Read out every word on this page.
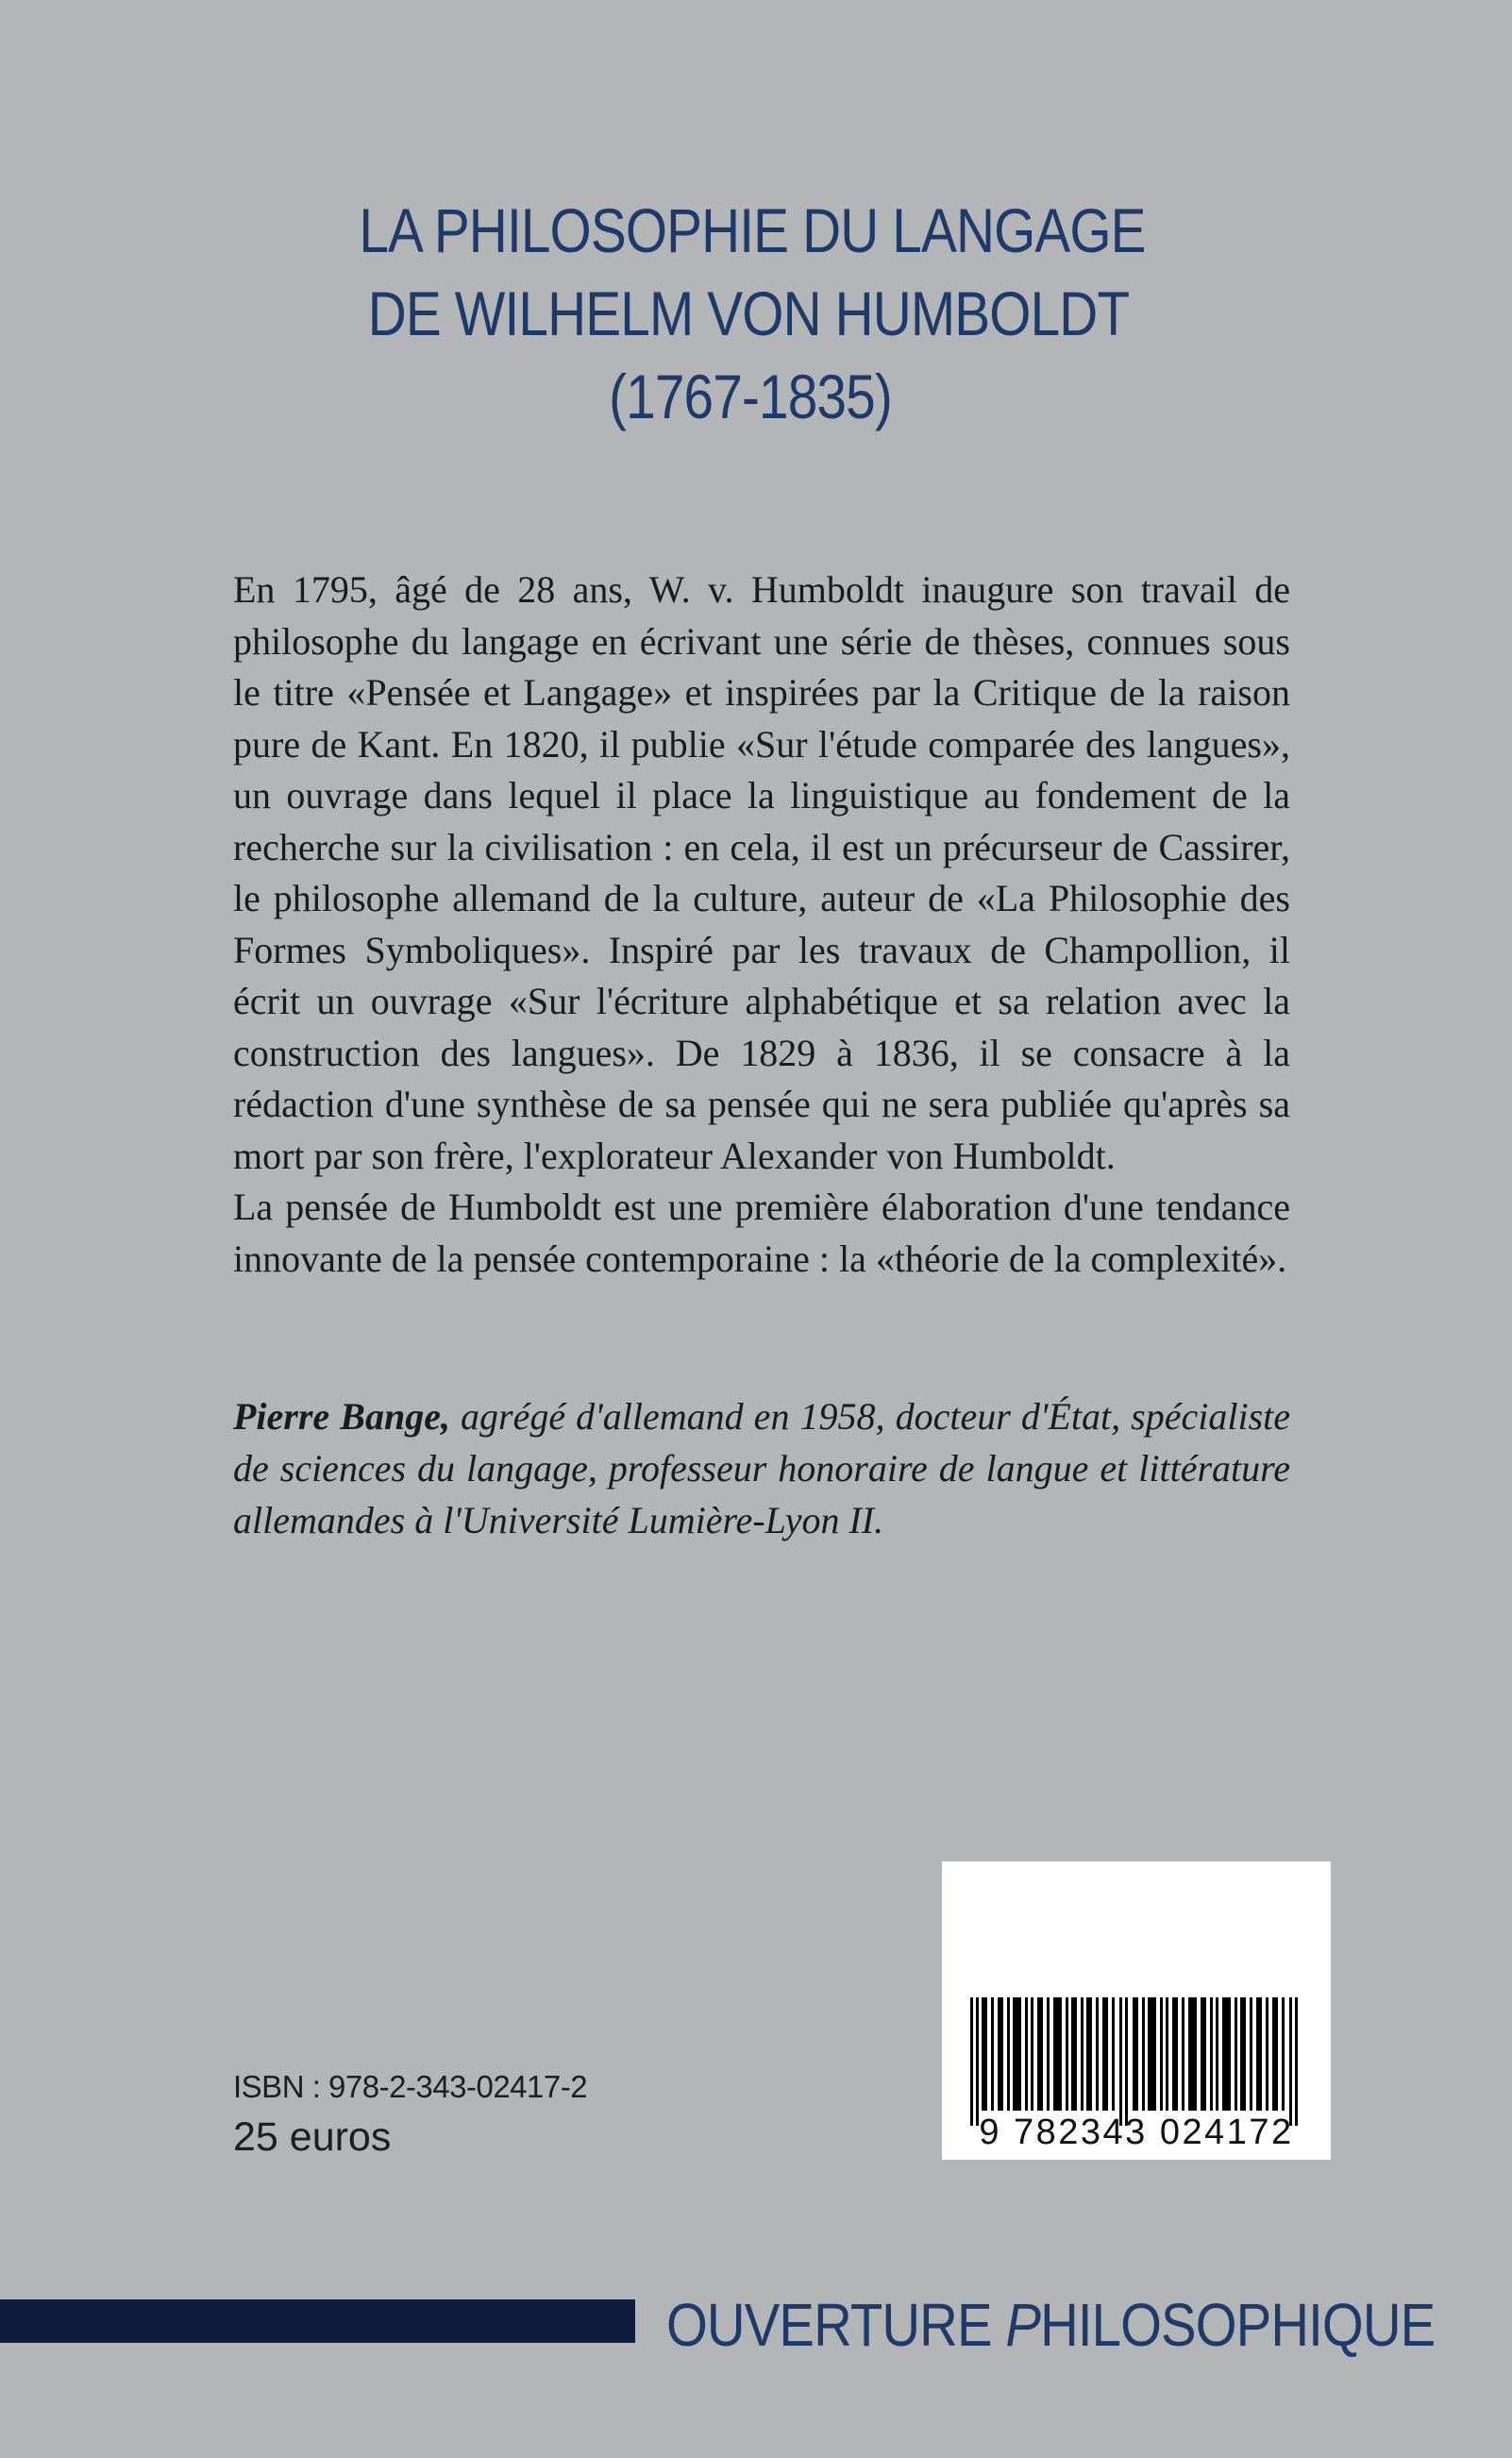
LA PHILOSOPHIE DU LANGAGE
DE WILHELM VON HUMBOLDT
(1767-1835)

En 1795, âgé de 28 ans, W. v. Humboldt inaugure son travail de philosophe du langage en écrivant une série de thèses, connues sous le titre «Pensée et Langage» et inspirées par la Critique de la raison pure de Kant. En 1820, il publie «Sur l'étude comparée des langues», un ouvrage dans lequel il place la linguistique au fondement de la recherche sur la civilisation : en cela, il est un précurseur de Cassirer, le philosophe allemand de la culture, auteur de «La Philosophie des Formes Symboliques». Inspiré par les travaux de Champollion, il écrit un ouvrage «Sur l'écriture alphabétique et sa relation avec la construction des langues». De 1829 à 1836, il se consacre à la rédaction d'une synthèse de sa pensée qui ne sera publiée qu'après sa mort par son frère, l'explorateur Alexander von Humboldt.

La pensée de Humboldt est une première élaboration d'une tendance innovante de la pensée contemporaine : la «théorie de la complexité».

Pierre Bange, agrégé d'allemand en 1958, docteur d'État, spécialiste de sciences du langage, professeur honoraire de langue et littérature allemandes à l'Université Lumière-Lyon II.
ISBN : 978-2-343-02417-2
25 euros	9 782343 024172
OUVERTURE PHILOSOPHIQUE
